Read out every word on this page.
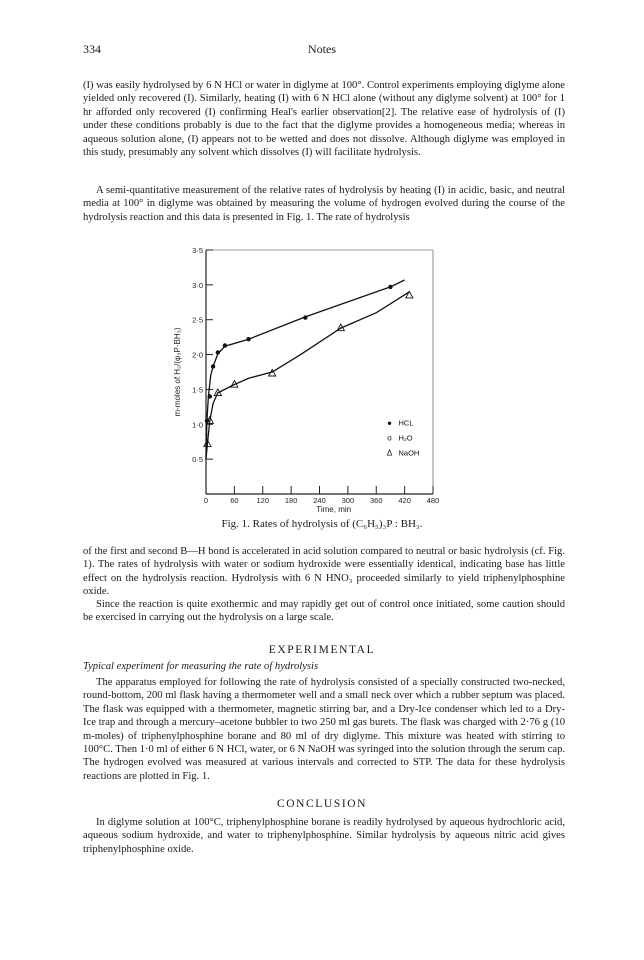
334	Notes

(I) was easily hydrolysed by 6 N HCl or water in diglyme at 100°. Control experiments employing diglyme alone yielded only recovered (I). Similarly, heating (I) with 6 N HCl alone (without any diglyme solvent) at 100° for 1 hr afforded only recovered (I) confirming Heal's earlier observation[2]. The relative ease of hydrolysis of (I) under these conditions probably is due to the fact that the diglyme provides a homogeneous media; whereas in aqueous solution alone, (I) appears not to be wetted and does not dissolve. Although diglyme was employed in this study, presumably any solvent which dissolves (I) will facilitate hydrolysis.

A semi-quantitative measurement of the relative rates of hydrolysis by heating (I) in acidic, basic, and neutral media at 100° in diglyme was obtained by measuring the volume of hydrogen evolved during the course of the hydrolysis reaction and this data is presented in Fig. 1. The rate of hydrolysis

0·5
1·0
1·5
2·0
2·5
3·0
3·5
0	60 120 180 240 300 360 420 480
Time, min
m-moles of H₂/(φ₃P·BH₃)
● HCL
o H₂O
Δ NaOH
Fig. 1. Rates of hydrolysis of (C₆H₅)₃P : BH₃.

of the first and second B—H bond is accelerated in acid solution compared to neutral or basic hydrolysis (cf. Fig. 1). The rates of hydrolysis with water or sodium hydroxide were essentially identical, indicating base has little effect on the hydrolysis reaction. Hydrolysis with 6 N HNO₃ proceeded similarly to yield triphenylphosphine oxide.

Since the reaction is quite exothermic and may rapidly get out of control once initiated, some caution should be exercised in carrying out the hydrolysis on a large scale.

EXPERIMENTAL
Typical experiment for measuring the rate of hydrolysis

The apparatus employed for following the rate of hydrolysis consisted of a specially constructed two-necked, round-bottom, 200 ml flask having a thermometer well and a small neck over which a rubber septum was placed. The flask was equipped with a thermometer, magnetic stirring bar, and a Dry-Ice condenser which led to a Dry-Ice trap and through a mercury–acetone bubbler to two 250 ml gas burets. The flask was charged with 2·76 g (10 m-moles) of triphenylphosphine borane and 80 ml of dry diglyme. This mixture was heated with stirring to 100°C. Then 1·0 ml of either 6 N HCl, water, or 6 N NaOH was syringed into the solution through the serum cap. The hydrogen evolved was measured at various intervals and corrected to STP. The data for these hydrolysis reactions are plotted in Fig. 1.

CONCLUSION

In diglyme solution at 100°C, triphenylphosphine borane is readily hydrolysed by aqueous hydrochloric acid, aqueous sodium hydroxide, and water to triphenylphosphine. Similar hydrolysis by aqueous nitric acid gives triphenylphosphine oxide.
